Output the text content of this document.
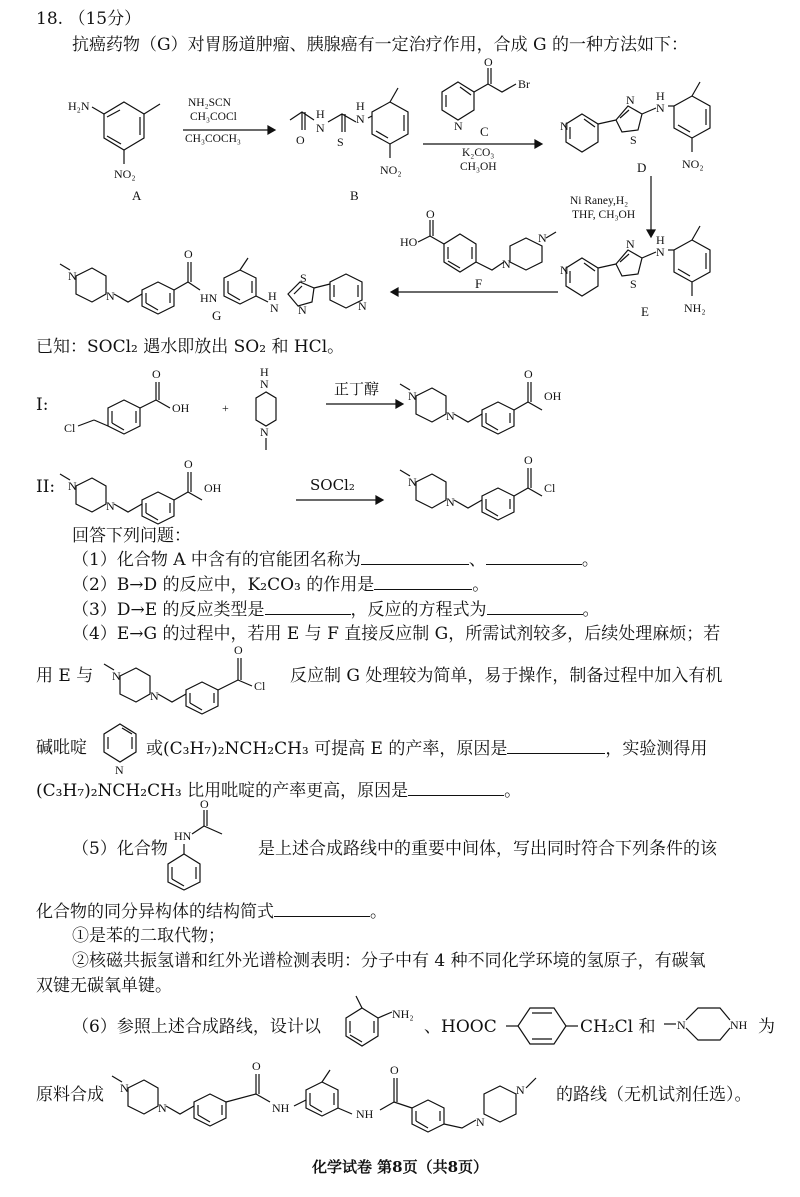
18. （15分）
抗癌药物（G）对胃肠道肿瘤、胰腺癌有一定治疗作用，合成 G 的一种方法如下：
H₂N
NO₂
A
NH₂SCN
CH₃COCl
CH₃COCH₃	O
H
N
S
H
N
NO₂
B
O
Br
N C
K₂CO₃
CH₃OH
N
N
S
H
N
NO₂
D
Ni Raney,H₂
THF, CH₃OH
N
N
S
H
N
NH₂
E
HO
O
N
N
F
N
N
O
HN	H
N
S
N	N
G
已知：SOCl₂ 遇水即放出 SO₂ 和 HCl。
I:
Cl
O
OH	+
H
N
N
正丁醇 N
N
O
OH
II: N
N
O
OH	SOCl₂	N
N
O
Cl
回答下列问题：
（1）化合物 A 中含有的官能团名称为	、	。
（2）B→D 的反应中，K₂CO₃ 的作用是	。
（3）D→E 的反应类型是	，反应的方程式为	。
（4）E→G 的过程中，若用 E 与 F 直接反应制 G，所需试剂较多，后续处理麻烦；若
用 E 与 N
N
O
Cl 反应制 G 处理较为简单，易于操作，制备过程中加入有机
碱吡啶
N
或(C₃H₇)₂NCH₂CH₃ 可提高 E 的产率，原因是	，实验测得用
(C₃H₇)₂NCH₂CH₃ 比用吡啶的产率更高，原因是	。
（5）化合物
HN
O
是上述合成路线中的重要中间体，写出同时符合下列条件的该
化合物的同分异构体的结构简式	。
①是苯的二取代物；
②核磁共振氢谱和红外光谱检测表明：分子中有 4 种不同化学环境的氢原子，有碳氧
双键无碳氧单键。
（6）参照上述合成路线，设计以
NH₂
、HOOC	CH₂Cl 和 N	NH 为
原料合成 N
N
O
NH	NH
O
N
N 的路线（无机试剂任选）。
化学试卷 第8页（共8页）
